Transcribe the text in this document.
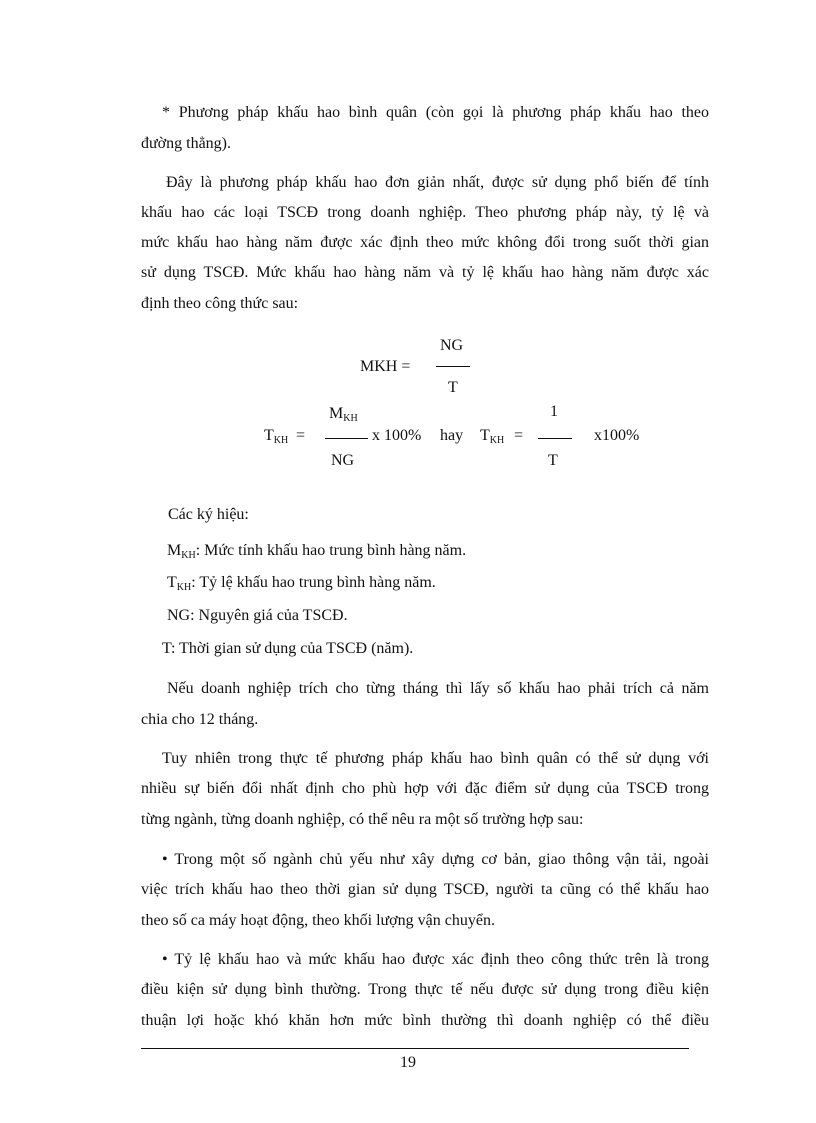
* Phương pháp khấu hao bình quân (còn gọi là phương pháp khấu hao theo
đường thẳng).
Đây là phương pháp khấu hao đơn giản nhất, được sử dụng phổ biến để tính
khấu hao các loại TSCĐ trong doanh nghiệp. Theo phương pháp này, tỷ lệ và
mức khấu hao hàng năm được xác định theo mức không đổi trong suốt thời gian
sử dụng TSCĐ. Mức khấu hao hàng năm và tỷ lệ khấu hao hàng năm được xác
định theo công thức sau:
MKH =
NG
T
$T_{KH}$ =
$M_{KH}$
NG
x 100% hay $T_{KH}$ =
1
T
x100%
Các ký hiệu:
$M_{KH}$: Mức tính khấu hao trung bình hàng năm.
$T_{KH}$: Tỷ lệ khấu hao trung bình hàng năm.
NG: Nguyên giá của TSCĐ.
T: Thời gian sử dụng của TSCĐ (năm).
Nếu doanh nghiệp trích cho từng tháng thì lấy số khấu hao phải trích cả năm
chia cho 12 tháng.
Tuy nhiên trong thực tế phương pháp khấu hao bình quân có thể sử dụng với
nhiều sự biến đổi nhất định cho phù hợp với đặc điểm sử dụng của TSCĐ trong
từng ngành, từng doanh nghiệp, có thể nêu ra một số trường hợp sau:
• Trong một số ngành chủ yếu như xây dựng cơ bản, giao thông vận tải, ngoài
việc trích khấu hao theo thời gian sử dụng TSCĐ, người ta cũng có thể khấu hao
theo số ca máy hoạt động, theo khối lượng vận chuyển.
• Tỷ lệ khấu hao và mức khấu hao được xác định theo công thức trên là trong
điều kiện sử dụng bình thường. Trong thực tế nếu được sử dụng trong điều kiện
thuận lợi hoặc khó khăn hơn mức bình thường thì doanh nghiệp có thể điều
19
